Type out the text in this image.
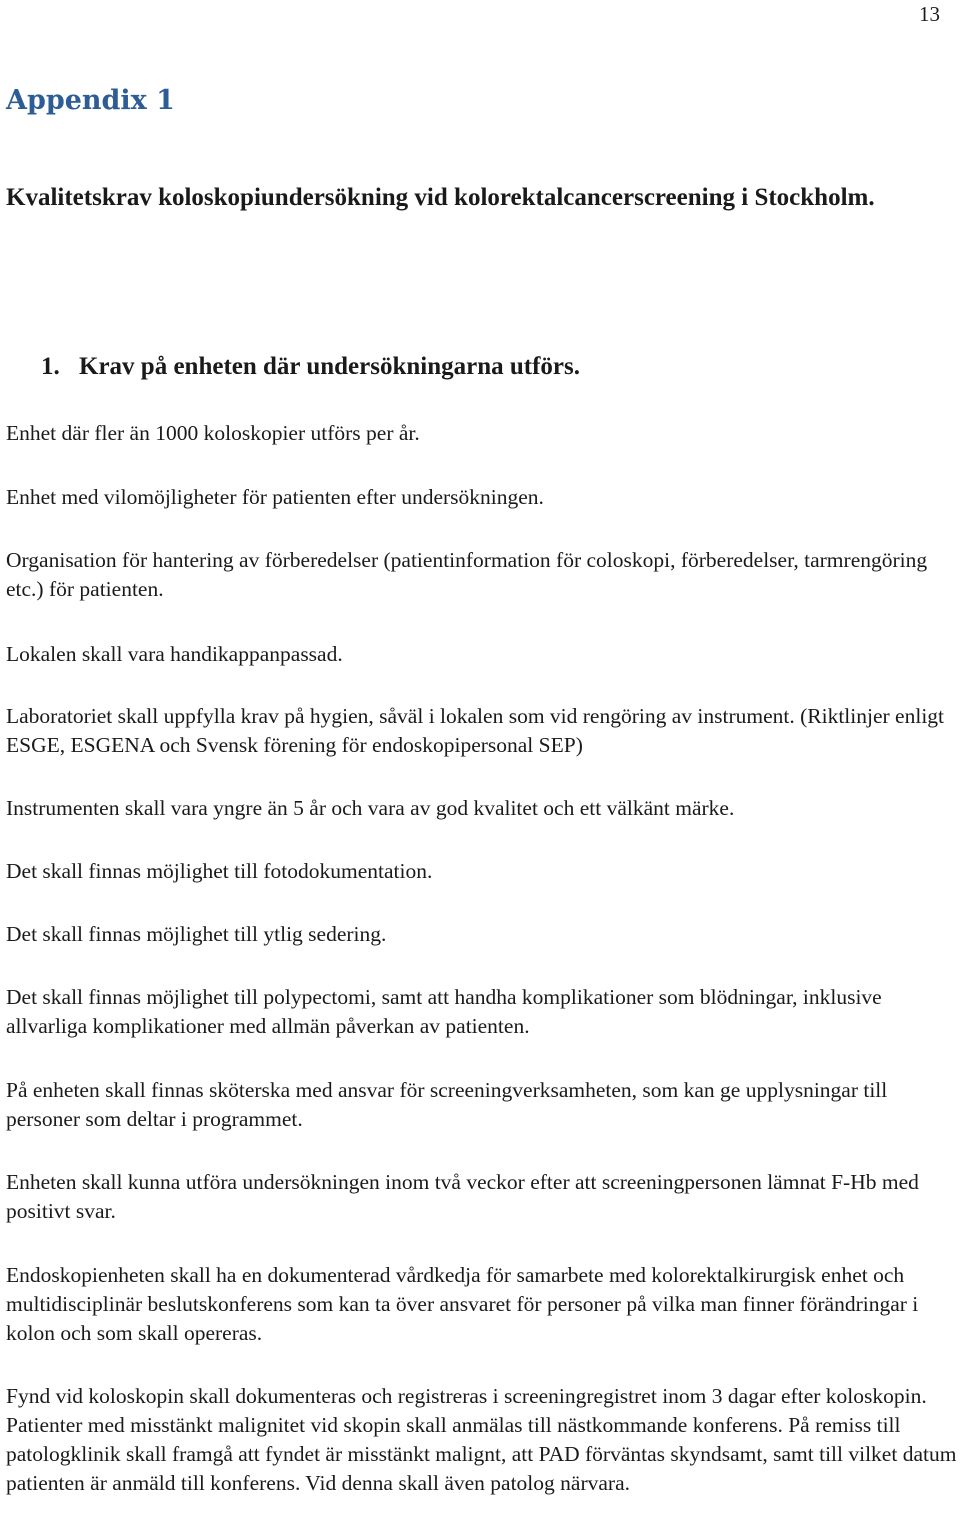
13
Appendix 1
Kvalitetskrav koloskopiundersökning vid kolorektalcancerscreening i Stockholm.
1. Krav på enheten där undersökningarna utförs.

Enhet där fler än 1000 koloskopier utförs per år.

Enhet med vilomöjligheter för patienten efter undersökningen.

Organisation för hantering av förberedelser (patientinformation för coloskopi, förberedelser, tarmrengöring etc.) för patienten.

Lokalen skall vara handikappanpassad.

Laboratoriet skall uppfylla krav på hygien, såväl i lokalen som vid rengöring av instrument. (Riktlinjer enligt ESGE, ESGENA och Svensk förening för endoskopipersonal SEP)

Instrumenten skall vara yngre än 5 år och vara av god kvalitet och ett välkänt märke.

Det skall finnas möjlighet till fotodokumentation.

Det skall finnas möjlighet till ytlig sedering.

Det skall finnas möjlighet till polypectomi, samt att handha komplikationer som blödningar, inklusive allvarliga komplikationer med allmän påverkan av patienten.

På enheten skall finnas sköterska med ansvar för screeningverksamheten, som kan ge upplysningar till personer som deltar i programmet.

Enheten skall kunna utföra undersökningen inom två veckor efter att screeningpersonen lämnat F-Hb med positivt svar.

Endoskopienheten skall ha en dokumenterad vårdkedja för samarbete med kolorektalkirurgisk enhet och multidisciplinär beslutskonferens som kan ta över ansvaret för personer på vilka man finner förändringar i kolon och som skall opereras.

Fynd vid koloskopin skall dokumenteras och registreras i screeningregistret inom 3 dagar efter koloskopin. Patienter med misstänkt malignitet vid skopin skall anmälas till nästkommande konferens. På remiss till patologklinik skall framgå att fyndet är misstänkt malignt, att PAD förväntas skyndsamt, samt till vilket datum patienten är anmäld till konferens. Vid denna skall även patolog närvara.
